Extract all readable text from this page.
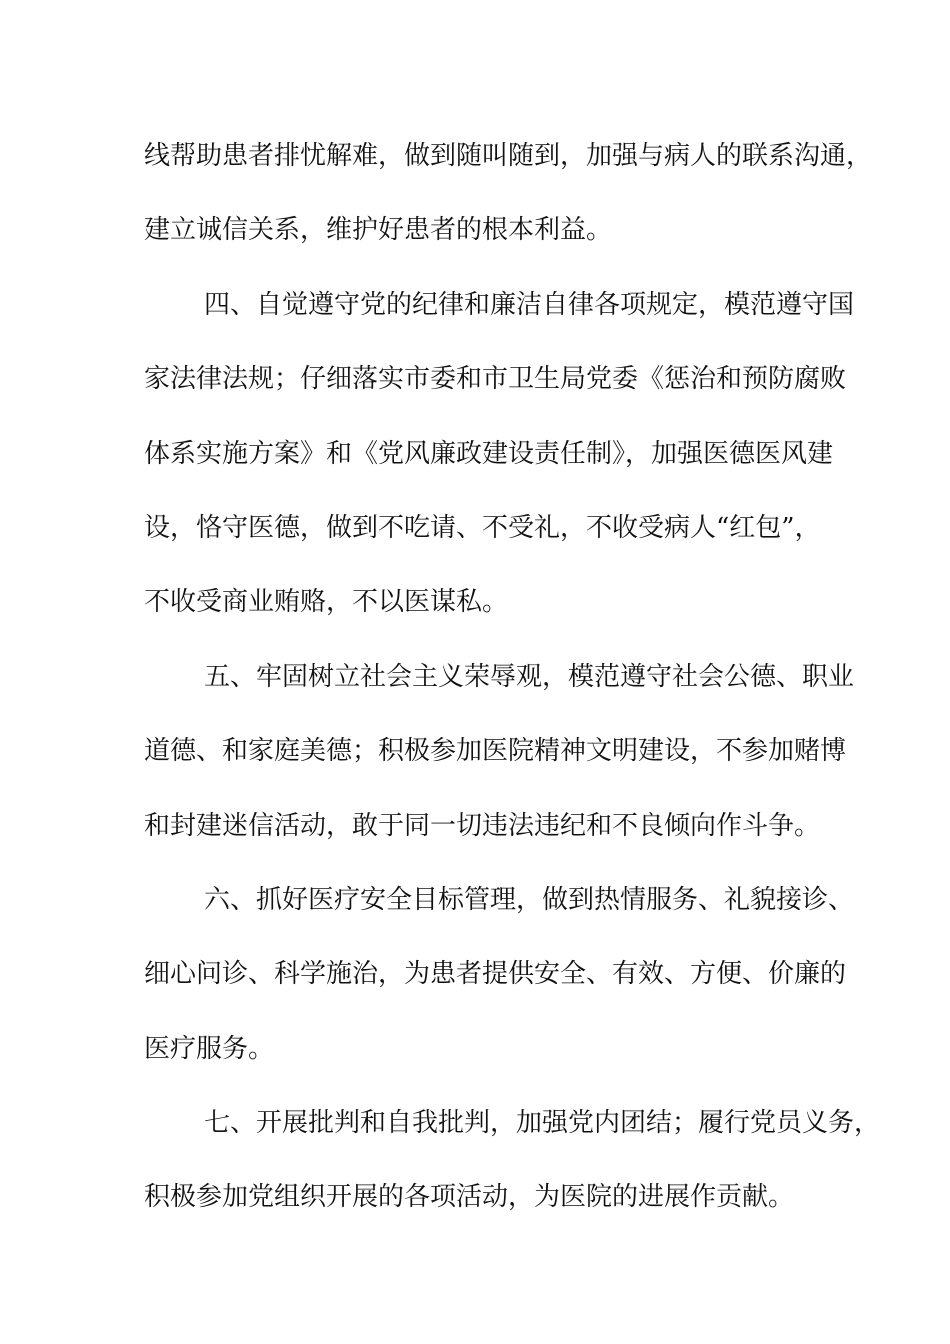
线帮助患者排忧解难，做到随叫随到，加强与病人的联系沟通，
建立诚信关系，维护好患者的根本利益。
四、自觉遵守党的纪律和廉洁自律各项规定，模范遵守国
家法律法规；仔细落实市委和市卫生局党委《惩治和预防腐败
体系实施方案》和《党风廉政建设责任制》，加强医德医风建
设，恪守医德，做到不吃请、不受礼，不收受病人“红包”，
不收受商业贿赂，不以医谋私。
五、牢固树立社会主义荣辱观，模范遵守社会公德、职业
道德、和家庭美德；积极参加医院精神文明建设，不参加赌博
和封建迷信活动，敢于同一切违法违纪和不良倾向作斗争。
六、抓好医疗安全目标管理，做到热情服务、礼貌接诊、
细心问诊、科学施治，为患者提供安全、有效、方便、价廉的
医疗服务。
七、开展批判和自我批判，加强党内团结；履行党员义务，
积极参加党组织开展的各项活动，为医院的进展作贡献。
